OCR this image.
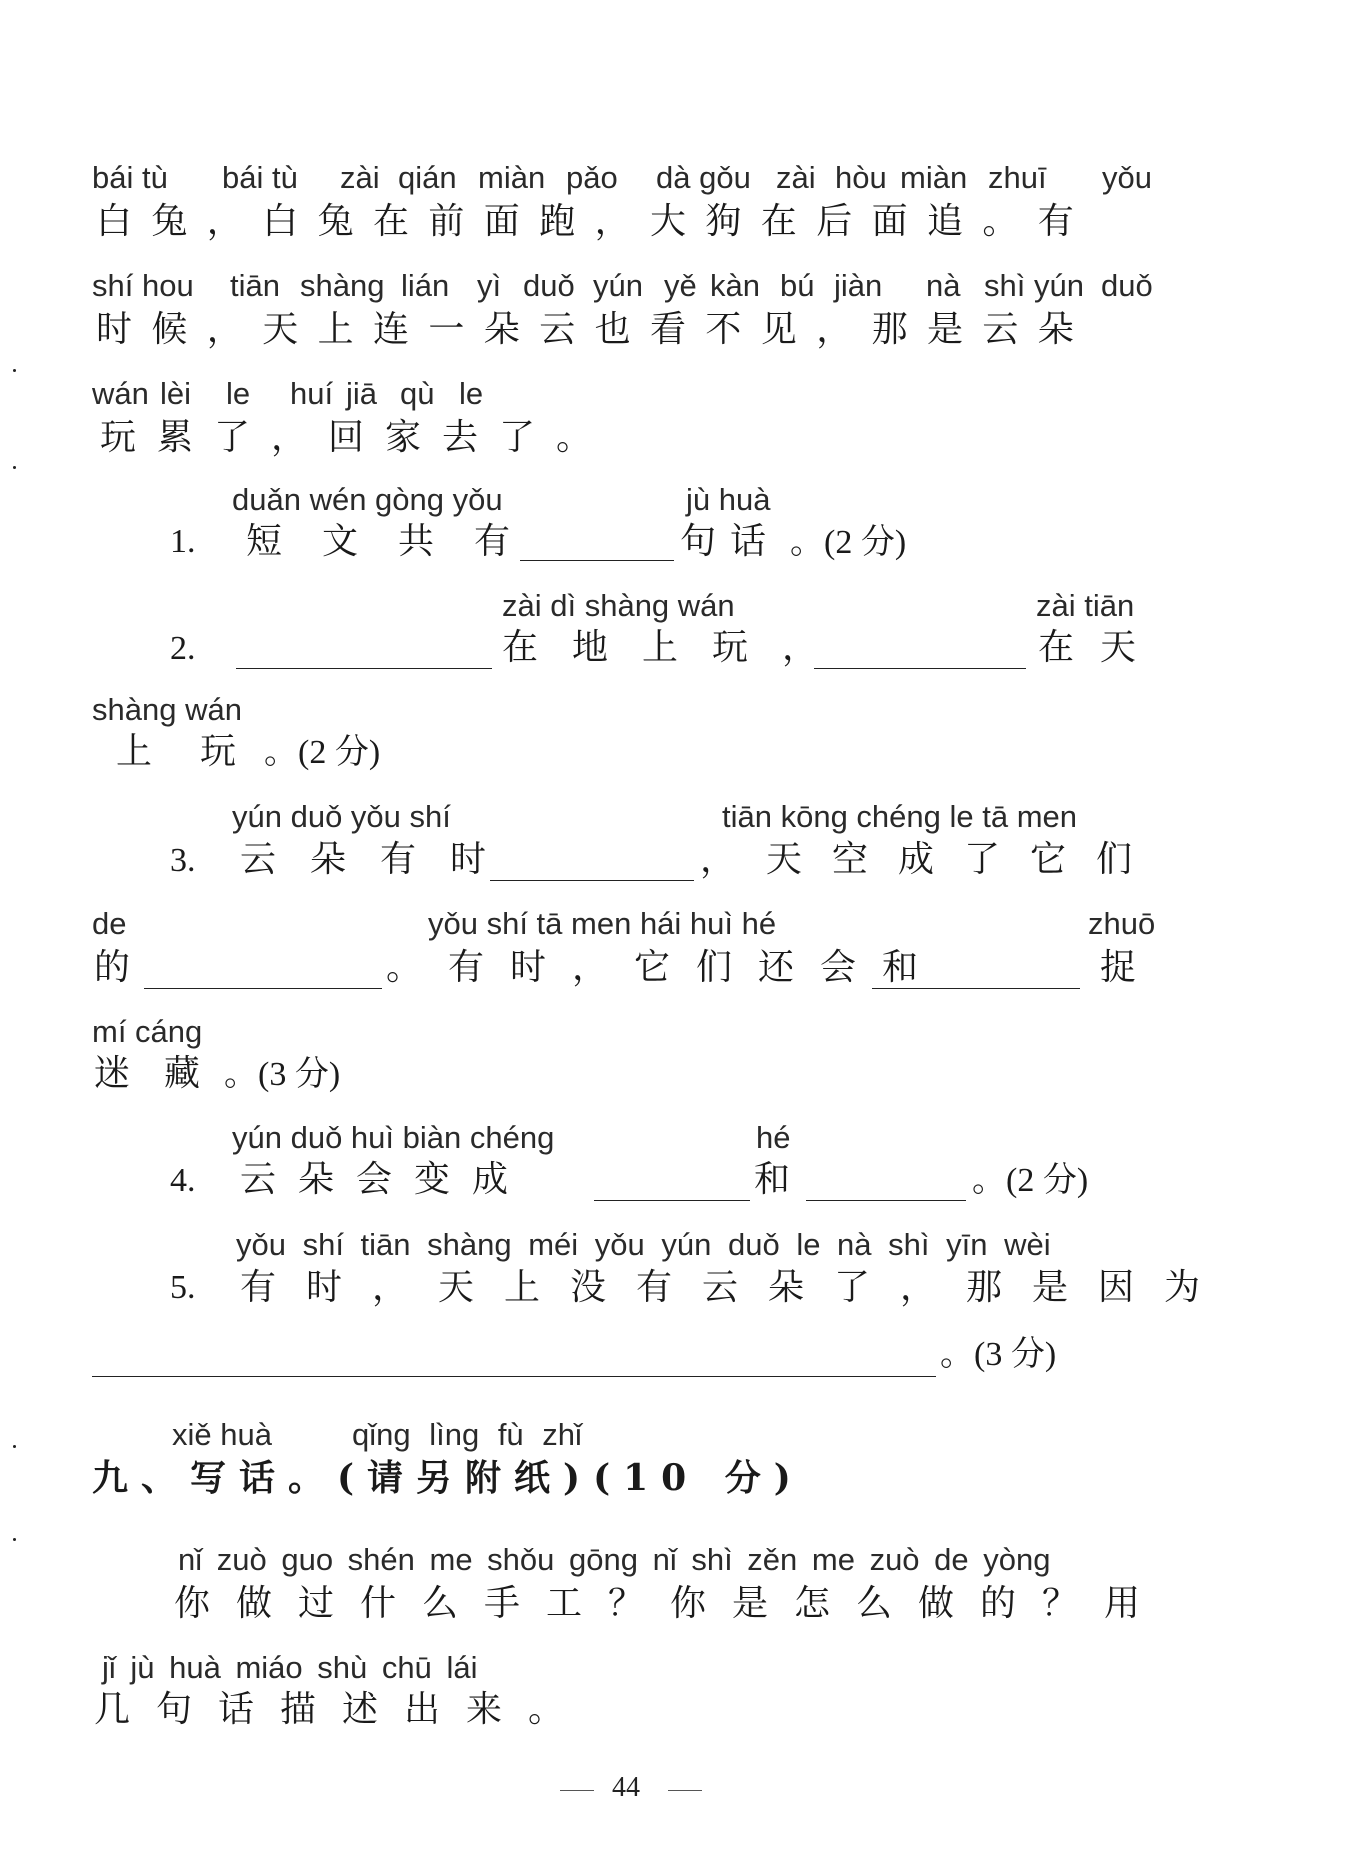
bái tù bái tù zài qián miàn pǎo dà gǒu zài hòu miàn zhuī yǒu
白兔，白兔在前面跑，大狗在后面追。有
shí hou tiān shàng lián yì duǒ yún yě kàn bú jiàn nà shì yún duǒ
时候，天上连一朵云也看不见，那是云朵
wán lèi le huí jiā qù le
玩累了，回家去了。
duǎn wén gòng yǒu	jù huà
1. 短文共有	句话 。(2 分)
zài dì shàng wán	zài tiān
2.	在地上玩，	在天
shàng wán
上玩
。(2 分)
yún duǒ yǒu shí	tiān kōng chéng le tā men
3. 云朵有时	，天空成了它们
de	yǒu shí tā men hái huì hé	zhuō
的	。有时，它们还会和	捉
mí cáng
迷藏
。(3 分)
yún duǒ huì biàn chéng	hé
4. 云朵会变成	和	。(2 分)
yǒu shí tiān shàng méi yǒu yún duǒ le nà shì yīn wèi
5. 有时，天上没有云朵了，那是因为
。(3 分)
xiě huà	qǐng lìng fù zhǐ
九、写话。(请另附纸)(10 分)
nǐ zuò guo shén me shǒu gōng nǐ shì zěn me zuò de yòng
你做过什么手工？你是怎么做的？用
jǐ jù huà miáo shù chū lái
几句话描述出来。
44
